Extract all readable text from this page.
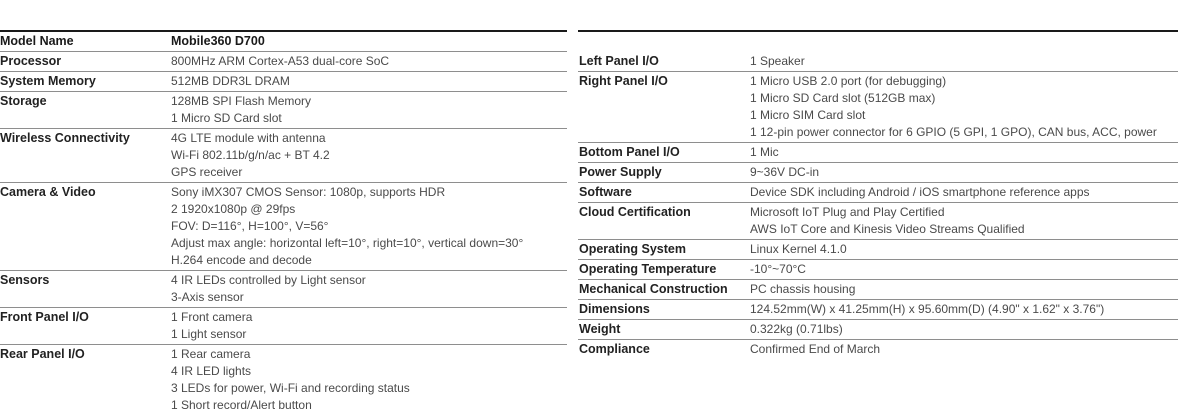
Model Name	Mobile360 D700
Processor	800MHz ARM Cortex-A53 dual-core SoC
System Memory	512MB DDR3L DRAM
Storage	128MB SPI Flash Memory
1 Micro SD Card slot
Wireless Connectivity	4G LTE module with antenna
Wi-Fi 802.11b/g/n/ac + BT 4.2
GPS receiver
Camera & Video	Sony iMX307 CMOS Sensor: 1080p, supports HDR
2 1920x1080p @ 29fps
FOV: D=116°, H=100°, V=56°
Adjust max angle: horizontal left=10°, right=10°, vertical down=30°
H.264 encode and decode
Sensors	4 IR LEDs controlled by Light sensor
3-Axis sensor
Front Panel I/O	1 Front camera
1 Light sensor
Rear Panel I/O	1 Rear camera
4 IR LED lights
3 LEDs for power, Wi-Fi and recording status
1 Short record/Alert button
Left Panel I/O	1 Speaker
Right Panel I/O	1 Micro USB 2.0 port (for debugging)
1 Micro SD Card slot (512GB max)
1 Micro SIM Card slot
1 12-pin power connector for 6 GPIO (5 GPI, 1 GPO), CAN bus, ACC, power
Bottom Panel I/O	1 Mic
Power Supply	9~36V DC-in
Software	Device SDK including Android / iOS smartphone reference apps
Cloud Certification	Microsoft IoT Plug and Play Certified
AWS IoT Core and Kinesis Video Streams Qualified
Operating System	Linux Kernel 4.1.0
Operating Temperature	-10°~70°C
Mechanical Construction	PC chassis housing
Dimensions	124.52mm(W) x 41.25mm(H) x 95.60mm(D) (4.90" x 1.62" x 3.76")
Weight	0.322kg (0.71lbs)
Compliance	Confirmed End of March
